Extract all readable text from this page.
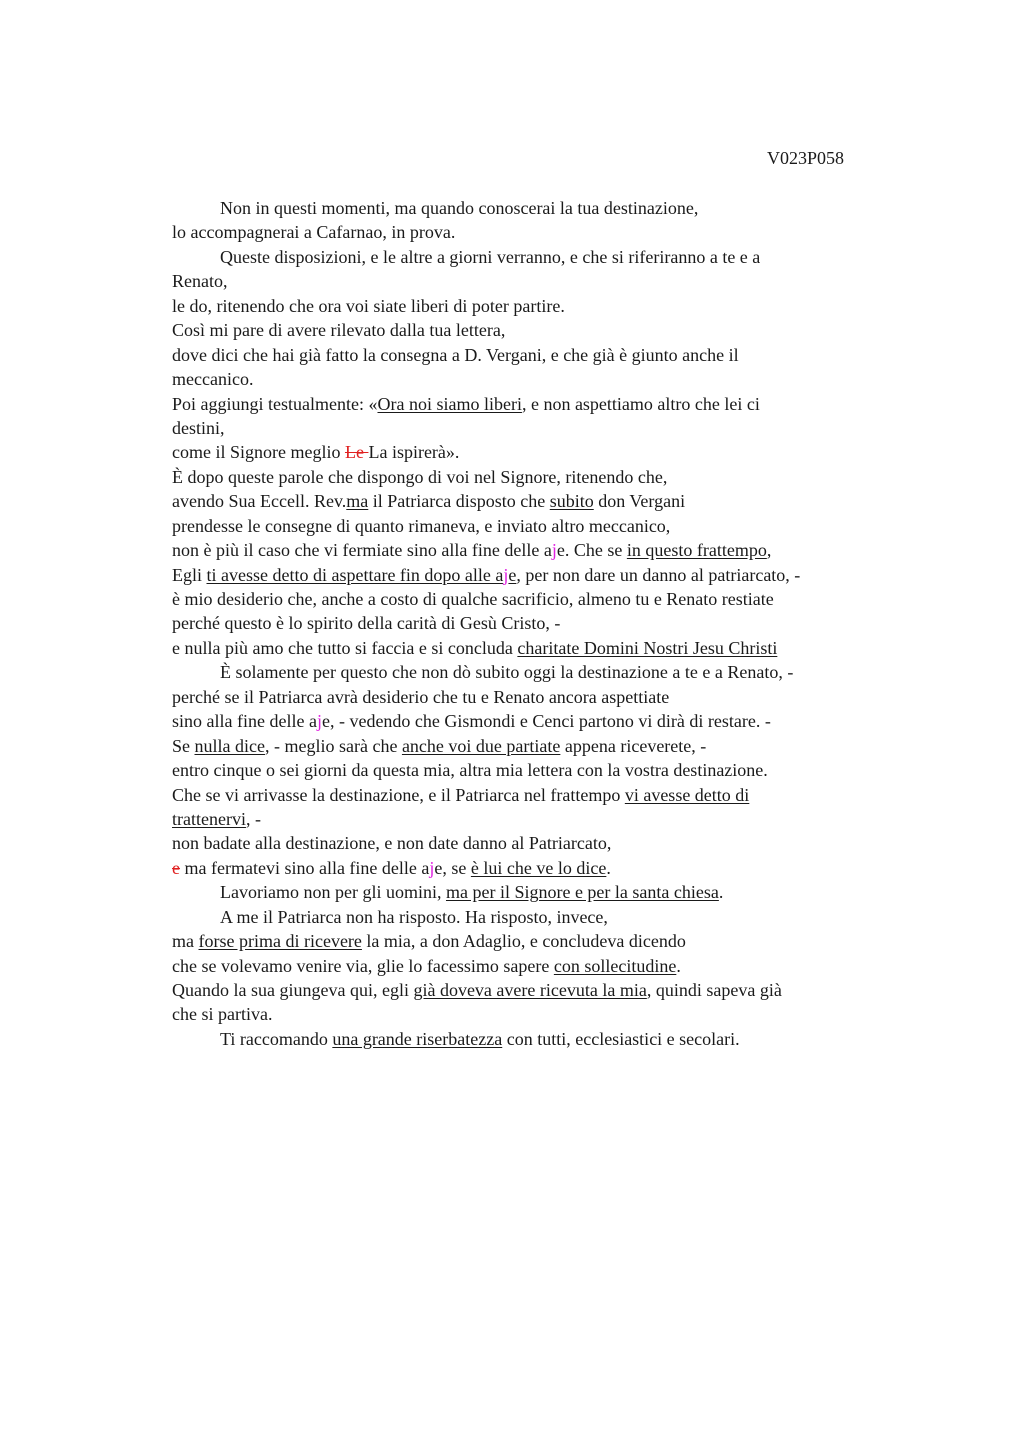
V023P058
Non in questi momenti, ma quando conoscerai la tua destinazione,
lo accompagnerai a Cafarnao, in prova.
Queste disposizioni, e le altre a giorni verranno, e che si riferiranno a te e a
Renato,
le do, ritenendo che ora voi siate liberi di poter partire.
Così mi pare di avere rilevato dalla tua lettera,
dove dici che hai già fatto la consegna a D. Vergani, e che già è giunto anche il
meccanico.
Poi aggiungi testualmente: «Ora noi siamo liberi, e non aspettiamo altro che lei ci
destini,
come il Signore meglio Le La ispirerà».
È dopo queste parole che dispongo di voi nel Signore, ritenendo che,
avendo Sua Eccell. Rev.ma il Patriarca disposto che subito don Vergani
prendesse le consegne di quanto rimaneva, e inviato altro meccanico,
non è più il caso che vi fermiate sino alla fine delle aje. Che se in questo frattempo,
Egli ti avesse detto di aspettare fin dopo alle aje, per non dare un danno al patriarcato, -
è mio desiderio che, anche a costo di qualche sacrificio, almeno tu e Renato restiate
perché questo è lo spirito della carità di Gesù Cristo, -
e nulla più amo che tutto si faccia e si concluda charitate Domini Nostri Jesu Christi
È solamente per questo che non dò subito oggi la destinazione a te e a Renato, -
perché se il Patriarca avrà desiderio che tu e Renato ancora aspettiate
sino alla fine delle aje, - vedendo che Gismondi e Cenci partono vi dirà di restare. -
Se nulla dice, - meglio sarà che anche voi due partiate appena riceverete, -
entro cinque o sei giorni da questa mia, altra mia lettera con la vostra destinazione.
Che se vi arrivasse la destinazione, e il Patriarca nel frattempo vi avesse detto di
trattenervi, -
non badate alla destinazione, e non date danno al Patriarcato,
e ma fermatevi sino alla fine delle aje, se è lui che ve lo dice.
Lavoriamo non per gli uomini, ma per il Signore e per la santa chiesa.
A me il Patriarca non ha risposto. Ha risposto, invece,
ma forse prima di ricevere la mia, a don Adaglio, e concludeva dicendo
che se volevamo venire via, glie lo facessimo sapere con sollecitudine.
Quando la sua giungeva qui, egli già doveva avere ricevuta la mia, quindi sapeva già
che si partiva.
Ti raccomando una grande riserbatezza con tutti, ecclesiastici e secolari.
